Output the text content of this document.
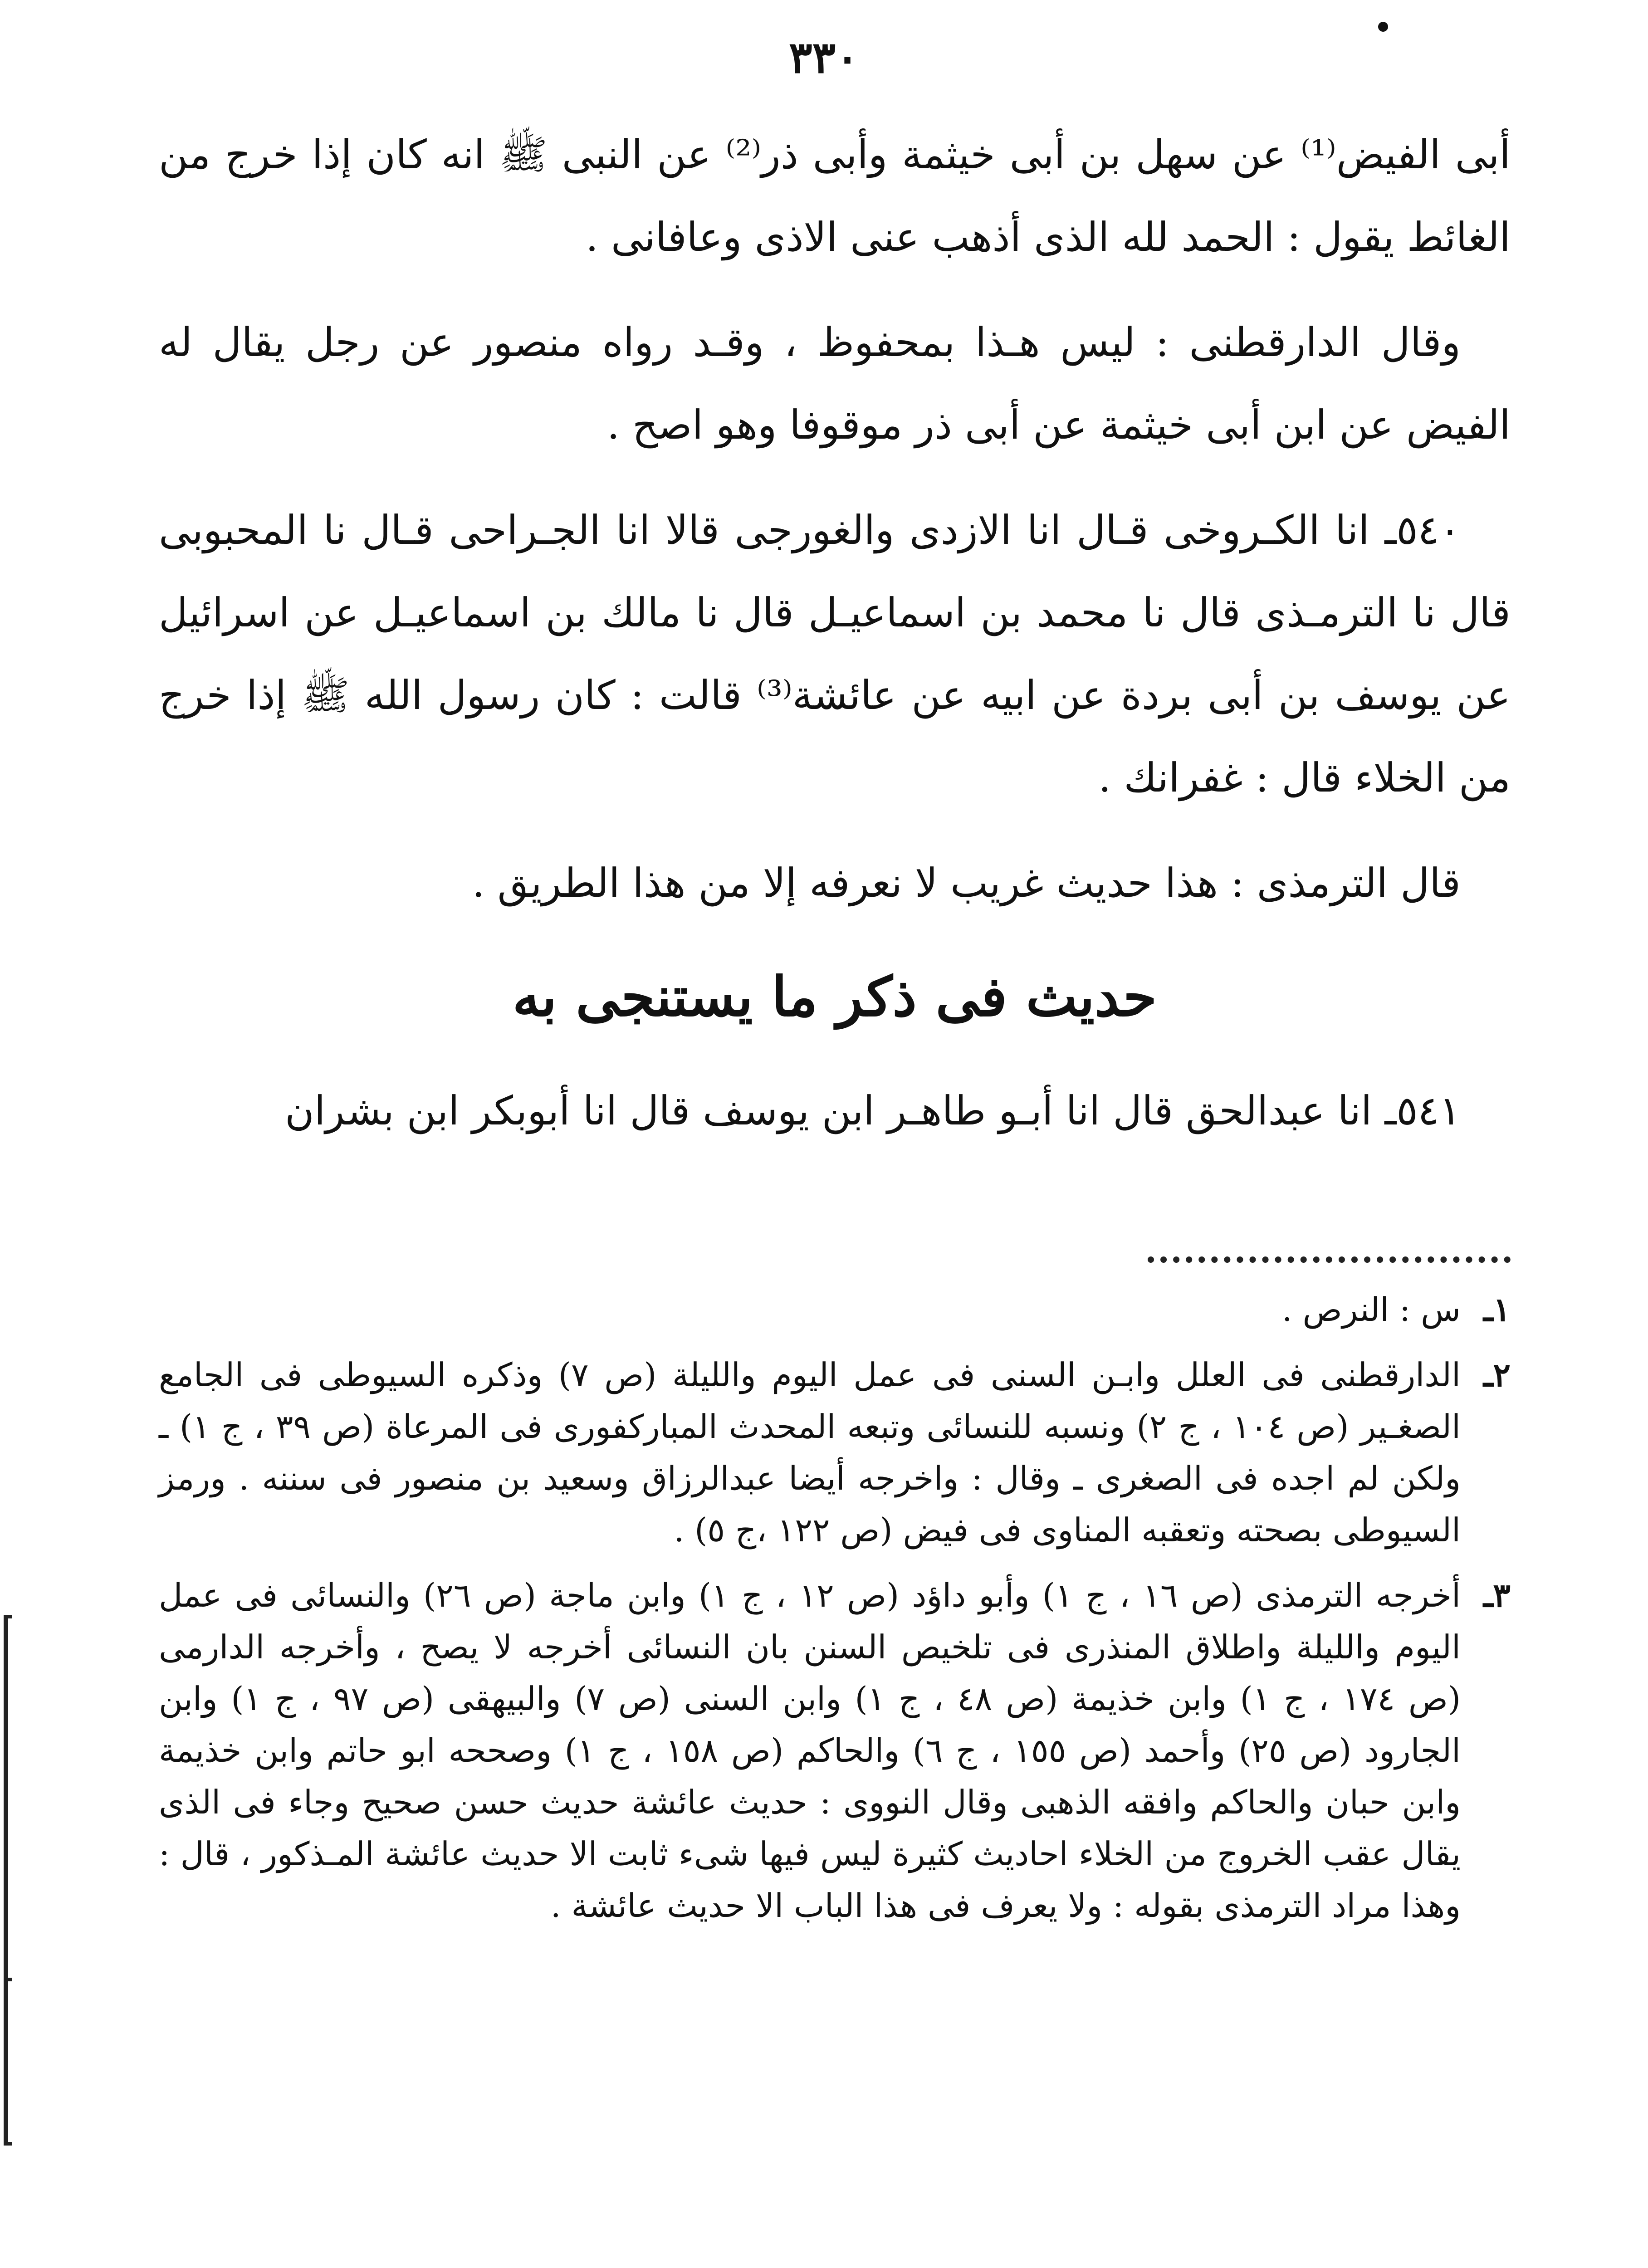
٣٣٠

أبى الفيض⁽¹⁾ عن سهل بن أبى خيثمة وأبى ذر⁽²⁾ عن النبى ﷺ انه كان إذا خرج من الغائط يقول : الحمد لله الذى أذهب عنى الاذى وعافانى .

وقال الدارقطنى : ليس هـذا بمحفوظ ، وقـد رواه منصور عن رجل يقال له الفيض عن ابن أبى خيثمة عن أبى ذر موقوفا وهو اصح .

٥٤٠ـ انا الكـروخى قـال انا الازدى والغورجى قالا انا الجـراحى قـال نا المحبوبى قال نا الترمـذى قال نا محمد بن اسماعيـل قال نا مالك بن اسماعيـل عن اسرائيل عن يوسف بن أبى بردة عن ابيه عن عائشة⁽³⁾ قالت : كان رسول الله ﷺ إذا خرج من الخلاء قال : غفرانك .

قال الترمذى : هذا حديث غريب لا نعرفه إلا من هذا الطريق .

حديث فى ذكر ما يستنجى به

٥٤١ـ انا عبدالحق قال انا أبـو طاهـر ابن يوسف قال انا أبوبكر ابن بشران

١ـ
س : النرص .
٢ـ
الدارقطنى فى العلل وابـن السنى فى عمل اليوم والليلة (ص ٧) وذكره السيوطى فى الجامع الصغـير (ص ١٠٤ ، ج ٢) ونسبه للنسائى وتبعه المحدث المباركفورى فى المرعاة (ص ٣٩ ، ج ١) ـ ولكن لم اجده فى الصغرى ـ وقال : واخرجه أيضا عبدالرزاق وسعيد بن منصور فى سننه . ورمز السيوطى بصحته وتعقبه المناوى فى فيض (ص ١٢٢ ،ج ٥) .
٣ـ
أخرجه الترمذى (ص ١٦ ، ج ١) وأبو داؤد (ص ١٢ ، ج ١) وابن ماجة (ص ٢٦) والنسائى فى عمل اليوم والليلة واطلاق المنذرى فى تلخيص السنن بان النسائى أخرجه لا يصح ، وأخرجه الدارمى (ص ١٧٤ ، ج ١) وابن خذيمة (ص ٤٨ ، ج ١) وابن السنى (ص ٧) والبيهقى (ص ٩٧ ، ج ١) وابن الجارود (ص ٢٥) وأحمد (ص ١٥٥ ، ج ٦) والحاكم (ص ١٥٨ ، ج ١) وصححه ابو حاتم وابن خذيمة وابن حبان والحاكم وافقه الذهبى وقال النووى : حديث عائشة حديث حسن صحيح وجاء فى الذى يقال عقب الخروج من الخلاء احاديث كثيرة ليس فيها شىء ثابت الا حديث عائشة المـذكور ، قال : وهذا مراد الترمذى بقوله : ولا يعرف فى هذا الباب الا حديث عائشة .
